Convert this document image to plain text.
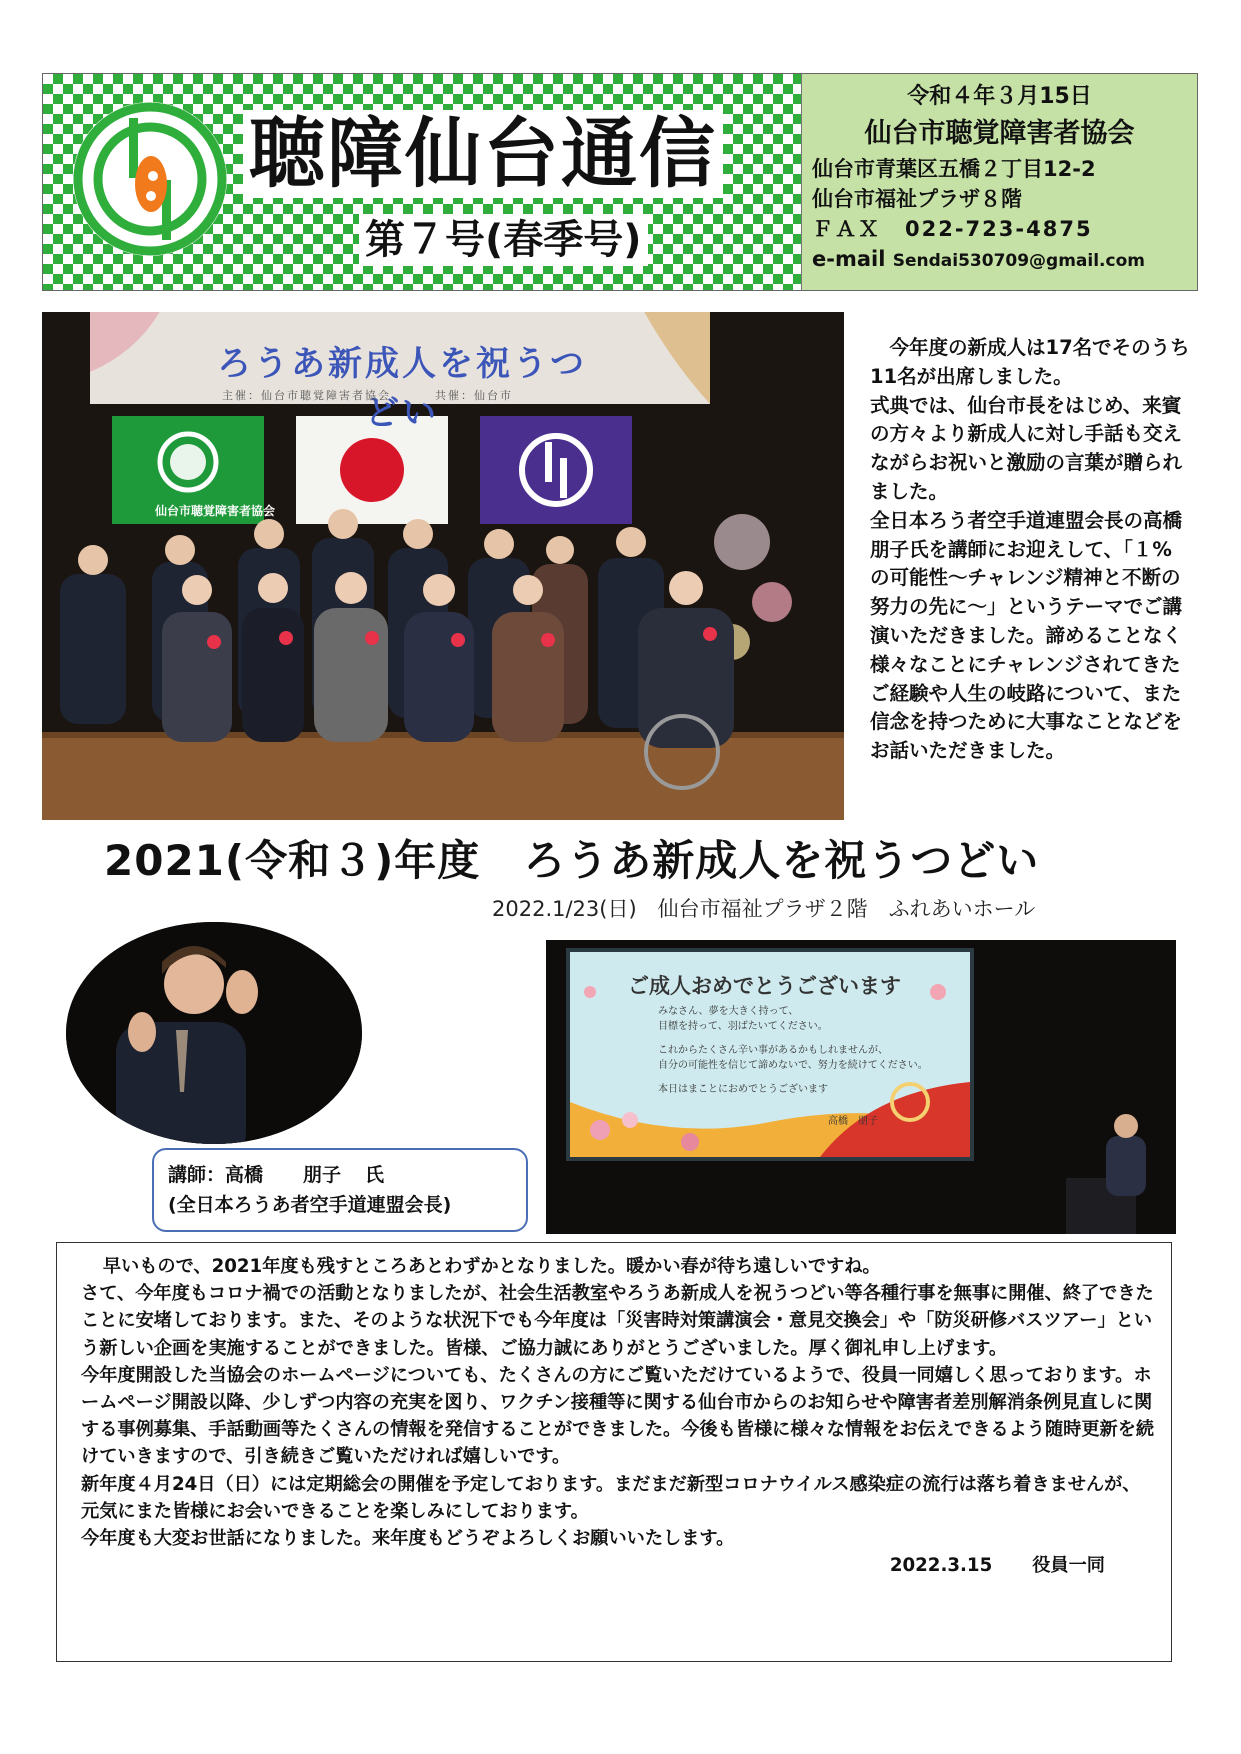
聴障仙台通信
第７号(春季号)
令和４年３月15日
仙台市聴覚障害者協会
仙台市青葉区五橋２丁目12-2
仙台市福祉プラザ８階
ＦＡＸ 022-723-4875
e-mail Sendai530709@gmail.com
ろうあ新成人を祝うつどい
主催：仙台市聴覚障害者協会	共催：仙台市
仙台市聴覚障害者協会

　今年度の新成人は17名でそのうち11名が出席しました。

式典では、仙台市長をはじめ、来賓の方々より新成人に対し手話も交えながらお祝いと激励の言葉が贈られました。

全日本ろう者空手道連盟会長の高橋朋子氏を講師にお迎えして、「１%の可能性～チャレンジ精神と不断の努力の先に～」というテーマでご講演いただきました。諦めることなく様々なことにチャレンジされてきたご経験や人生の岐路について、また信念を持つために大事なことなどをお話いただきました。

2021(令和３)年度　ろうあ新成人を祝うつどい
2022.1/23(日)　仙台市福祉プラザ２階　ふれあいホール
講師：高橋 朋子 氏
(全日本ろうあ者空手道連盟会長)
ご成人おめでとうございます
みなさん、夢を大きく持って、
目標を持って、羽ばたいてください。
これからたくさん辛い事があるかもしれませんが、
自分の可能性を信じて諦めないで、努力を続けてください。
本日はまことにおめでとうございます
高橋　朋子

早いもので、2021年度も残すところあとわずかとなりました。暖かい春が待ち遠しいですね。

さて、今年度もコロナ禍での活動となりましたが、社会生活教室やろうあ新成人を祝うつどい等各種行事を無事に開催、終了できたことに安堵しております。また、そのような状況下でも今年度は「災害時対策講演会・意見交換会」や「防災研修バスツアー」という新しい企画を実施することができました。皆様、ご協力誠にありがとうございました。厚く御礼申し上げます。

今年度開設した当協会のホームページについても、たくさんの方にご覧いただけているようで、役員一同嬉しく思っております。ホームページ開設以降、少しずつ内容の充実を図り、ワクチン接種等に関する仙台市からのお知らせや障害者差別解消条例見直しに関する事例募集、手話動画等たくさんの情報を発信することができました。今後も皆様に様々な情報をお伝えできるよう随時更新を続けていきますので、引き続きご覧いただければ嬉しいです。

新年度４月24日（日）には定期総会の開催を予定しております。まだまだ新型コロナウイルス感染症の流行は落ち着きませんが、元気にまた皆様にお会いできることを楽しみにしております。

今年度も大変お世話になりました。来年度もどうぞよろしくお願いいたします。

2022.3.15 役員一同
